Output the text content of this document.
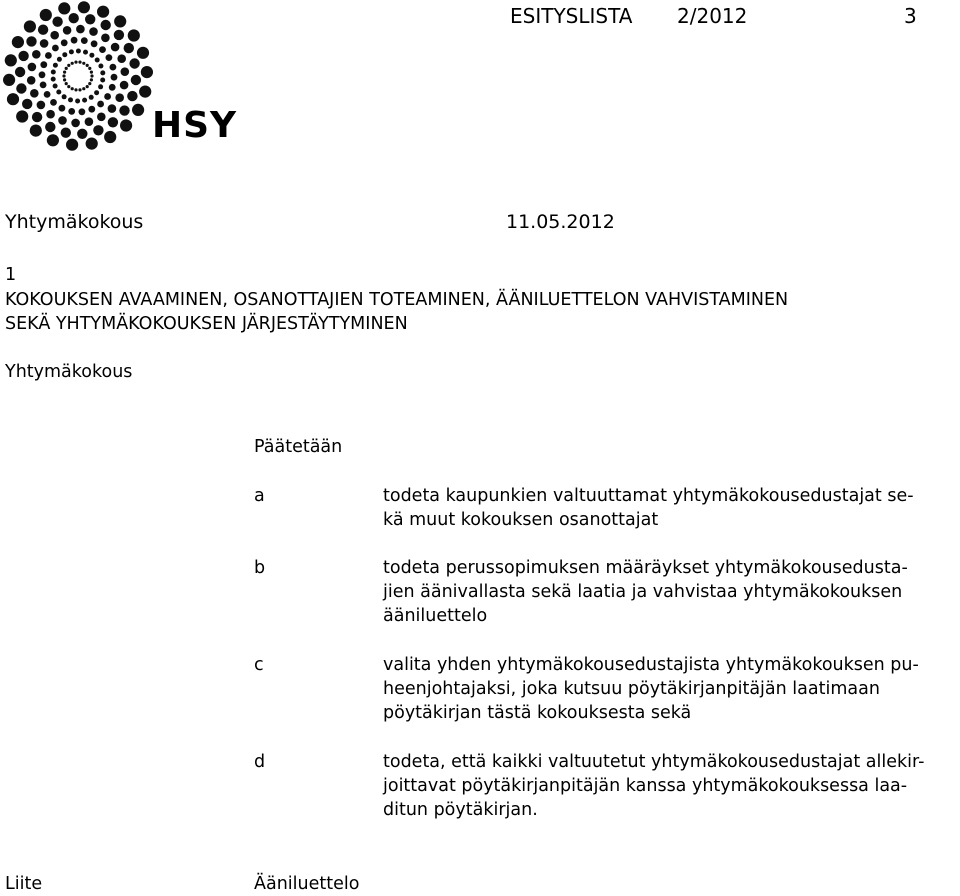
HSY
ESITYSLISTA 2/2012	3
Yhtymäkokous	11.05.2012
1
KOKOUKSEN AVAAMINEN, OSANOTTAJIEN TOTEAMINEN, ÄÄNILUETTELON VAHVISTAMINEN
SEKÄ YHTYMÄKOKOUKSEN JÄRJESTÄYTYMINEN
Yhtymäkokous
Päätetään
a	todeta kaupunkien valtuuttamat yhtymäkokousedustajat se-
kä muut kokouksen osanottajat
b	todeta perussopimuksen määräykset yhtymäkokousedusta-
jien äänivallasta sekä laatia ja vahvistaa yhtymäkokouksen
ääniluettelo
c	valita yhden yhtymäkokousedustajista yhtymäkokouksen pu-
heenjohtajaksi, joka kutsuu pöytäkirjanpitäjän laatimaan
pöytäkirjan tästä kokouksesta sekä
d	todeta, että kaikki valtuutetut yhtymäkokousedustajat allekir-
joittavat pöytäkirjanpitäjän kanssa yhtymäkokouksessa laa-
ditun pöytäkirjan.
Liite	Ääniluettelo
